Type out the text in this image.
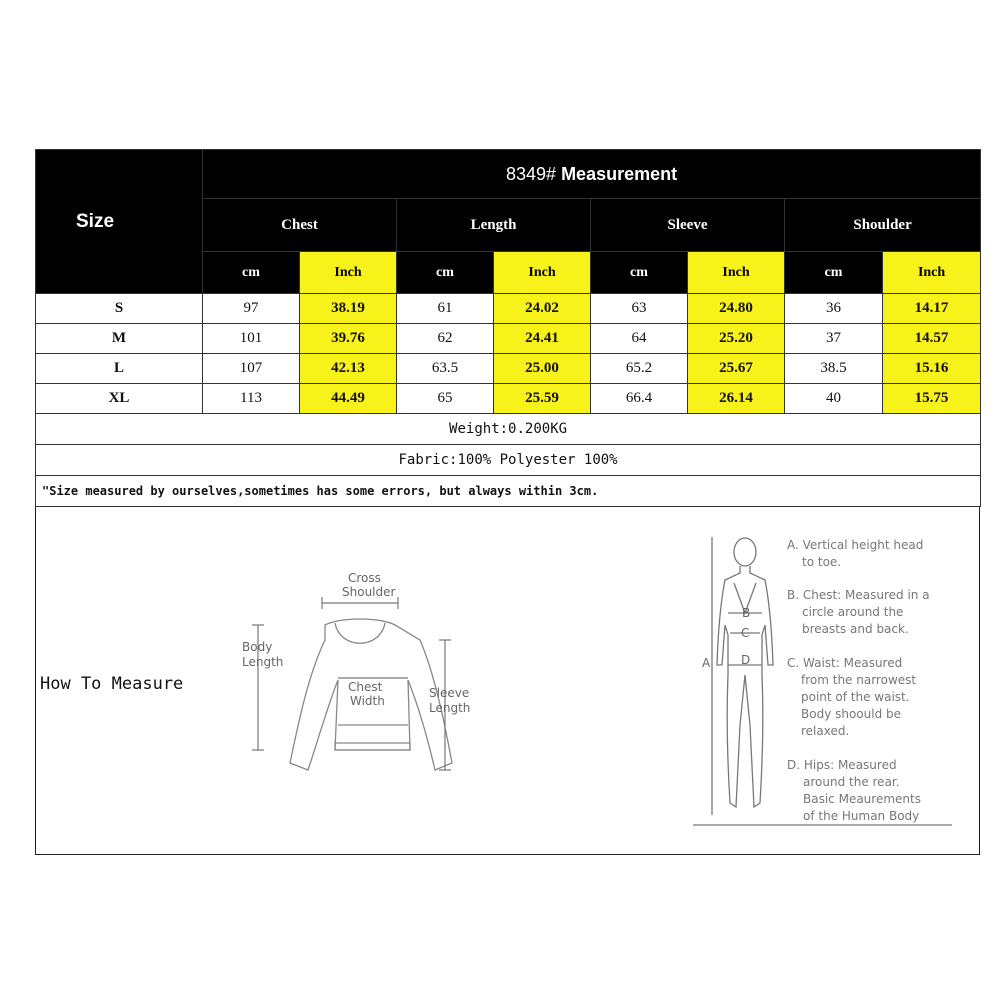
Size	8349# Measurement							
	Chest		Length		Sleeve		Shoulder	
	cm	Inch	cm	Inch	cm	Inch	cm	Inch
S	97	38.19	61	24.02	63	24.80	36	14.17
M	101	39.76	62	24.41	64	25.20	37	14.57
L	107	42.13	63.5	25.00	65.2	25.67	38.5	15.16
XL	113	44.49	65	25.59	66.4	26.14	40	15.75
Weight:0.200KG								
Fabric:100% Polyester 100%								
"Size measured by ourselves,sometimes has some errors, but always within 3cm.								
How To Measure
Cross
Shoulder
Body
Length
Chest
Width
Sleeve
Length
B
C
D
A
A. Vertical height head
to toe.
B. Chest: Measured in a
circle around the
breasts and back.
C. Waist: Measured
from the narrowest
point of the waist.
Body shoould be
relaxed.
D. Hips: Measured
around the rear.
Basic Meaurements
of the Human Body
